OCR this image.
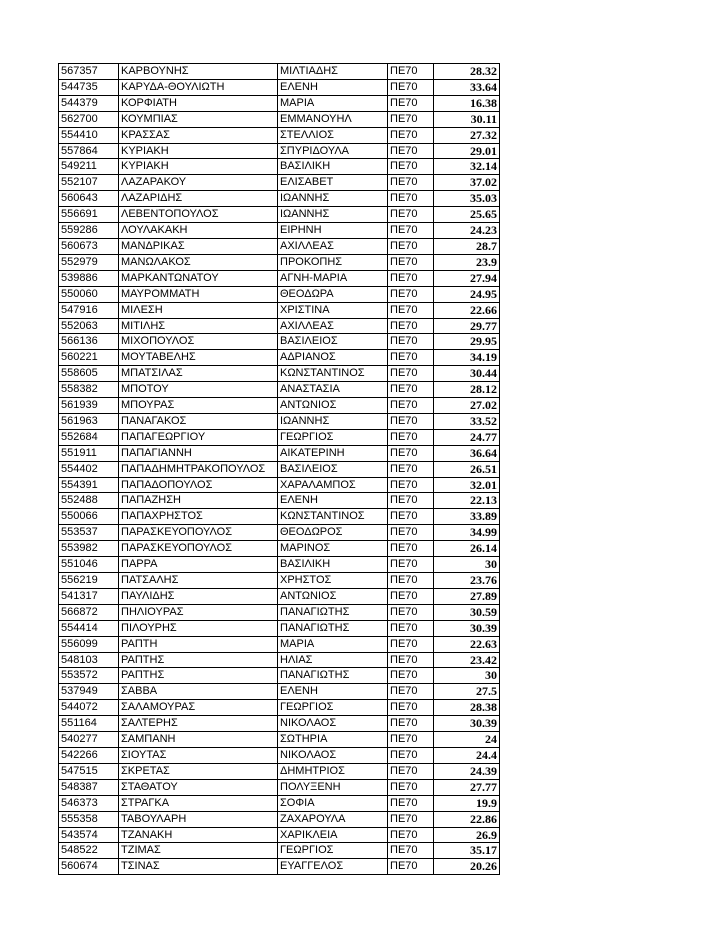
567357	ΚΑΡΒΟΥΝΗΣ	ΜΙΛΤΙΑΔΗΣ	ΠΕ70	28.32
544735	ΚΑΡΥΔΑ-ΘΟΥΛΙΩΤΗ	ΕΛΕΝΗ	ΠΕ70	33.64
544379	ΚΟΡΦΙΑΤΗ	ΜΑΡΙΑ	ΠΕ70	16.38
562700	ΚΟΥΜΠΙΑΣ	ΕΜΜΑΝΟΥΗΛ	ΠΕ70	30.11
554410	ΚΡΑΣΣΑΣ	ΣΤΕΛΛΙΟΣ	ΠΕ70	27.32
557864	ΚΥΡΙΑΚΗ	ΣΠΥΡΙΔΟΥΛΑ	ΠΕ70	29.01
549211	ΚΥΡΙΑΚΗ	ΒΑΣΙΛΙΚΗ	ΠΕ70	32.14
552107	ΛΑΖΑΡΑΚΟΥ	ΕΛΙΣΑΒΕΤ	ΠΕ70	37.02
560643	ΛΑΖΑΡΙΔΗΣ	ΙΩΑΝΝΗΣ	ΠΕ70	35.03
556691	ΛΕΒΕΝΤΟΠΟΥΛΟΣ	ΙΩΑΝΝΗΣ	ΠΕ70	25.65
559286	ΛΟΥΛΑΚΑΚΗ	ΕΙΡΗΝΗ	ΠΕ70	24.23
560673	ΜΑΝΔΡΙΚΑΣ	ΑΧΙΛΛΕΑΣ	ΠΕ70	28.7
552979	ΜΑΝΩΛΑΚΟΣ	ΠΡΟΚΟΠΗΣ	ΠΕ70	23.9
539886	ΜΑΡΚΑΝΤΩΝΑΤΟΥ	ΑΓΝΗ-ΜΑΡΙΑ	ΠΕ70	27.94
550060	ΜΑΥΡΟΜΜΑΤΗ	ΘΕΟΔΩΡΑ	ΠΕ70	24.95
547916	ΜΙΛΕΣΗ	ΧΡΙΣΤΙΝΑ	ΠΕ70	22.66
552063	ΜΙΤΙΛΗΣ	ΑΧΙΛΛΕΑΣ	ΠΕ70	29.77
566136	ΜΙΧΟΠΟΥΛΟΣ	ΒΑΣΙΛΕΙΟΣ	ΠΕ70	29.95
560221	ΜΟΥΤΑΒΕΛΗΣ	ΑΔΡΙΑΝΟΣ	ΠΕ70	34.19
558605	ΜΠΑΤΣΙΛΑΣ	ΚΩΝΣΤΑΝΤΙΝΟΣ	ΠΕ70	30.44
558382	ΜΠΟΤΟΥ	ΑΝΑΣΤΑΣΙΑ	ΠΕ70	28.12
561939	ΜΠΟΥΡΑΣ	ΑΝΤΩΝΙΟΣ	ΠΕ70	27.02
561963	ΠΑΝΑΓΑΚΟΣ	ΙΩΑΝΝΗΣ	ΠΕ70	33.52
552684	ΠΑΠΑΓΕΩΡΓΙΟΥ	ΓΕΩΡΓΙΟΣ	ΠΕ70	24.77
551911	ΠΑΠΑΓΙΑΝΝΗ	ΑΙΚΑΤΕΡΙΝΗ	ΠΕ70	36.64
554402	ΠΑΠΑΔΗΜΗΤΡΑΚΟΠΟΥΛΟΣ	ΒΑΣΙΛΕΙΟΣ	ΠΕ70	26.51
554391	ΠΑΠΑΔΟΠΟΥΛΟΣ	ΧΑΡΑΛΑΜΠΟΣ	ΠΕ70	32.01
552488	ΠΑΠΑΖΗΣΗ	ΕΛΕΝΗ	ΠΕ70	22.13
550066	ΠΑΠΑΧΡΗΣΤΟΣ	ΚΩΝΣΤΑΝΤΙΝΟΣ	ΠΕ70	33.89
553537	ΠΑΡΑΣΚΕΥΟΠΟΥΛΟΣ	ΘΕΟΔΩΡΟΣ	ΠΕ70	34.99
553982	ΠΑΡΑΣΚΕΥΟΠΟΥΛΟΣ	ΜΑΡΙΝΟΣ	ΠΕ70	26.14
551046	ΠΑΡΡΑ	ΒΑΣΙΛΙΚΗ	ΠΕ70	30
556219	ΠΑΤΣΑΛΗΣ	ΧΡΗΣΤΟΣ	ΠΕ70	23.76
541317	ΠΑΥΛΙΔΗΣ	ΑΝΤΩΝΙΟΣ	ΠΕ70	27.89
566872	ΠΗΛΙΟΥΡΑΣ	ΠΑΝΑΓΙΩΤΗΣ	ΠΕ70	30.59
554414	ΠΙΛΟΥΡΗΣ	ΠΑΝΑΓΙΩΤΗΣ	ΠΕ70	30.39
556099	ΡΑΠΤΗ	ΜΑΡΙΑ	ΠΕ70	22.63
548103	ΡΑΠΤΗΣ	ΗΛΙΑΣ	ΠΕ70	23.42
553572	ΡΑΠΤΗΣ	ΠΑΝΑΓΙΩΤΗΣ	ΠΕ70	30
537949	ΣΑΒΒΑ	ΕΛΕΝΗ	ΠΕ70	27.5
544072	ΣΑΛΑΜΟΥΡΑΣ	ΓΕΩΡΓΙΟΣ	ΠΕ70	28.38
551164	ΣΑΛΤΕΡΗΣ	ΝΙΚΟΛΑΟΣ	ΠΕ70	30.39
540277	ΣΑΜΠΑΝΗ	ΣΩΤΗΡΙΑ	ΠΕ70	24
542266	ΣΙΟΥΤΑΣ	ΝΙΚΟΛΑΟΣ	ΠΕ70	24.4
547515	ΣΚΡΕΤΑΣ	ΔΗΜΗΤΡΙΟΣ	ΠΕ70	24.39
548387	ΣΤΑΘΑΤΟΥ	ΠΟΛΥΞΕΝΗ	ΠΕ70	27.77
546373	ΣΤΡΑΓΚΑ	ΣΟΦΙΑ	ΠΕ70	19.9
555358	ΤΑΒΟΥΛΑΡΗ	ΖΑΧΑΡΟΥΛΑ	ΠΕ70	22.86
543574	ΤΖΑΝΑΚΗ	ΧΑΡΙΚΛΕΙΑ	ΠΕ70	26.9
548522	ΤΖΙΜΑΣ	ΓΕΩΡΓΙΟΣ	ΠΕ70	35.17
560674	ΤΣΙΝΑΣ	ΕΥΑΓΓΕΛΟΣ	ΠΕ70	20.26
